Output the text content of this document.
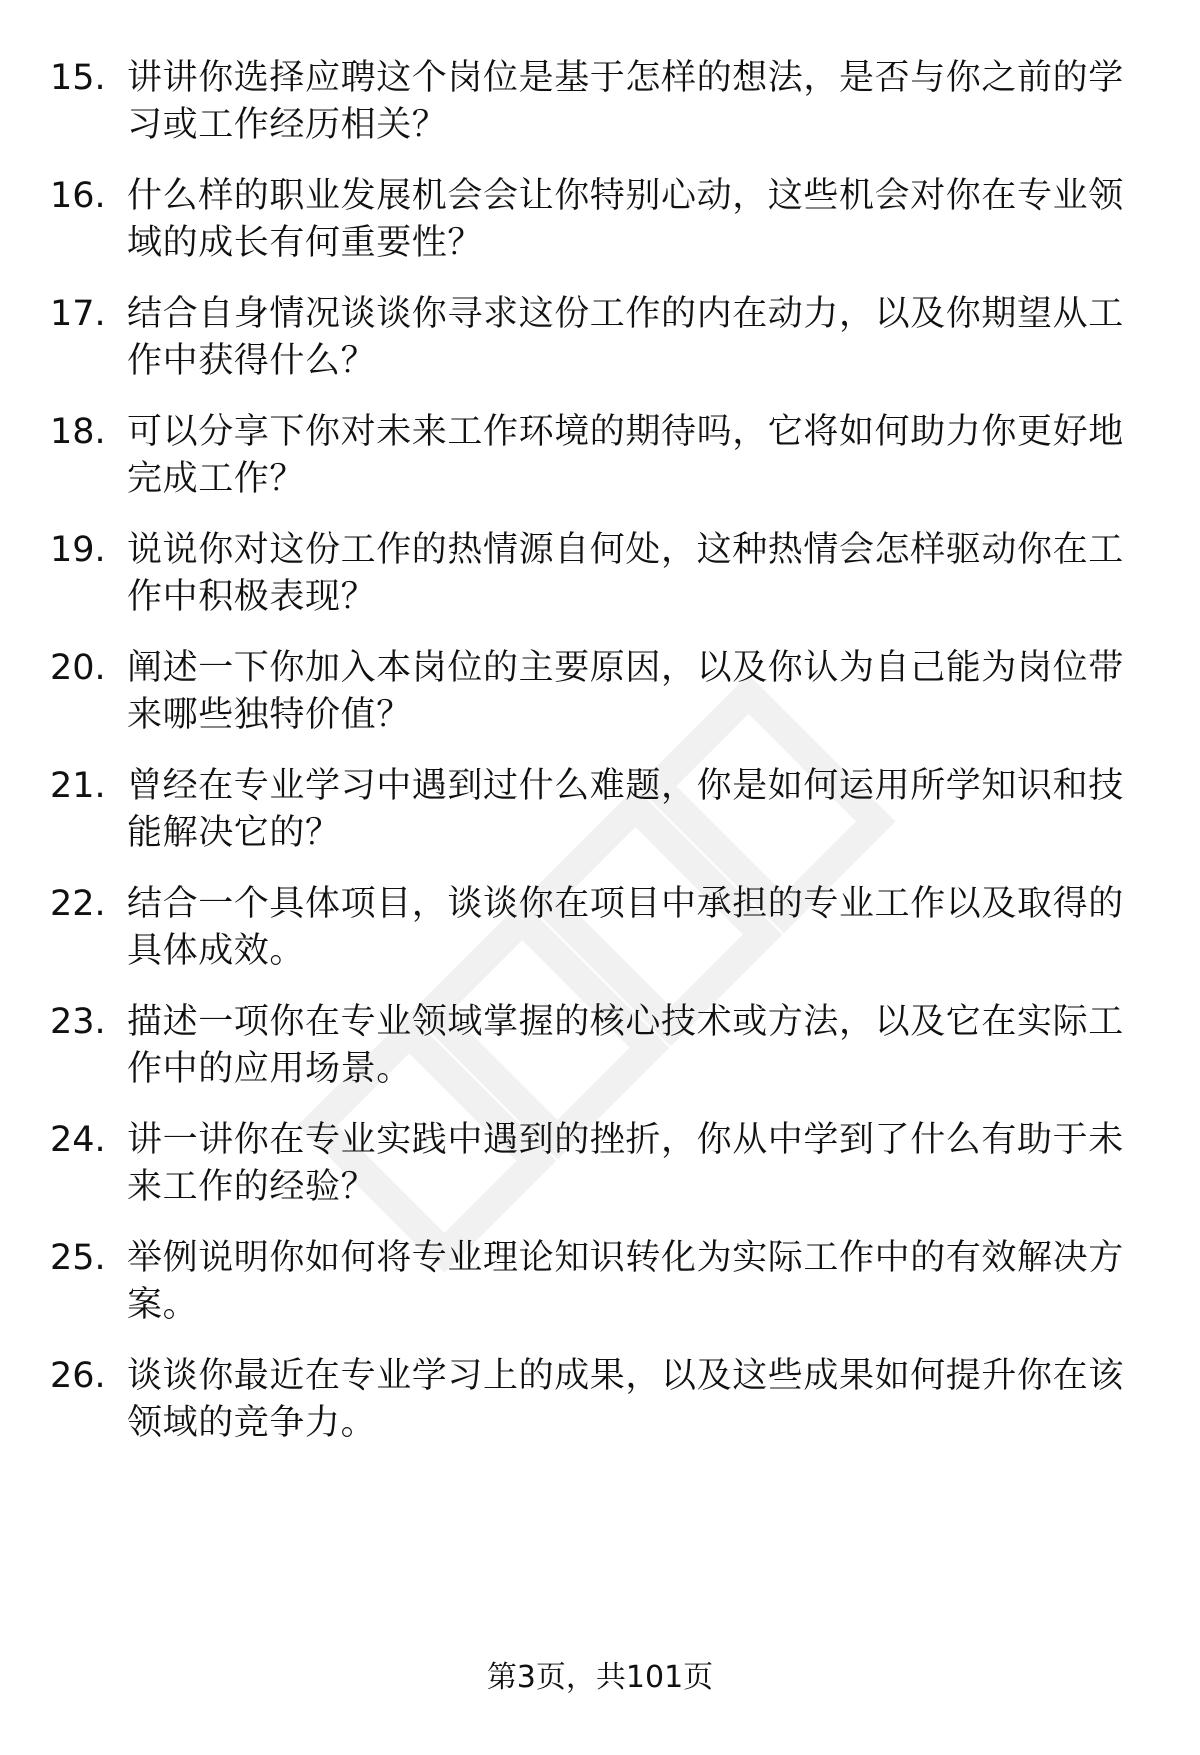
15. 讲讲你选择应聘这个岗位是基于怎样的想法，是否与你之前的学习或工作经历相关？
16. 什么样的职业发展机会会让你特别心动，这些机会对你在专业领域的成长有何重要性？
17. 结合自身情况谈谈你寻求这份工作的内在动力，以及你期望从工作中获得什么？
18. 可以分享下你对未来工作环境的期待吗，它将如何助力你更好地完成工作？
19. 说说你对这份工作的热情源自何处，这种热情会怎样驱动你在工作中积极表现？
20. 阐述一下你加入本岗位的主要原因，以及你认为自己能为岗位带来哪些独特价值？
21. 曾经在专业学习中遇到过什么难题，你是如何运用所学知识和技能解决它的？
22. 结合一个具体项目，谈谈你在项目中承担的专业工作以及取得的具体成效。
23. 描述一项你在专业领域掌握的核心技术或方法，以及它在实际工作中的应用场景。
24. 讲一讲你在专业实践中遇到的挫折，你从中学到了什么有助于未来工作的经验？
25. 举例说明你如何将专业理论知识转化为实际工作中的有效解决方案。
26. 谈谈你最近在专业学习上的成果，以及这些成果如何提升你在该领域的竞争力。
第3页，共101页
